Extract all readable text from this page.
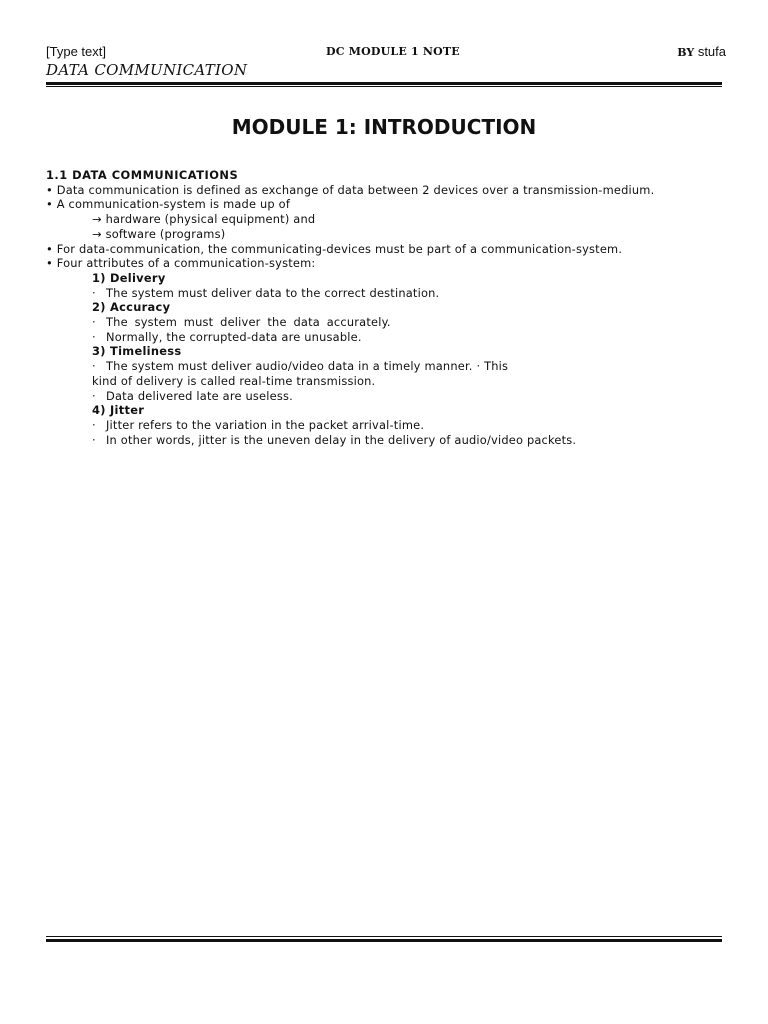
[Type text]	DC MODULE 1 NOTE	BY stufa
DATA COMMUNICATION
MODULE 1: INTRODUCTION
1.1 DATA COMMUNICATIONS
• Data communication is defined as exchange of data between 2 devices over a transmission-medium.
• A communication-system is made up of
→ hardware (physical equipment) and
→ software (programs)
• For data-communication, the communicating-devices must be part of a communication-system.
• Four attributes of a communication-system:
1) Delivery
· The system must deliver data to the correct destination.
2) Accuracy
· The system must deliver the data accurately.
· Normally, the corrupted-data are unusable.
3) Timeliness
· The system must deliver audio/video data in a timely manner. · This
kind of delivery is called real-time transmission.
· Data delivered late are useless.
4) Jitter
· Jitter refers to the variation in the packet arrival-time.
· In other words, jitter is the uneven delay in the delivery of audio/video packets.
